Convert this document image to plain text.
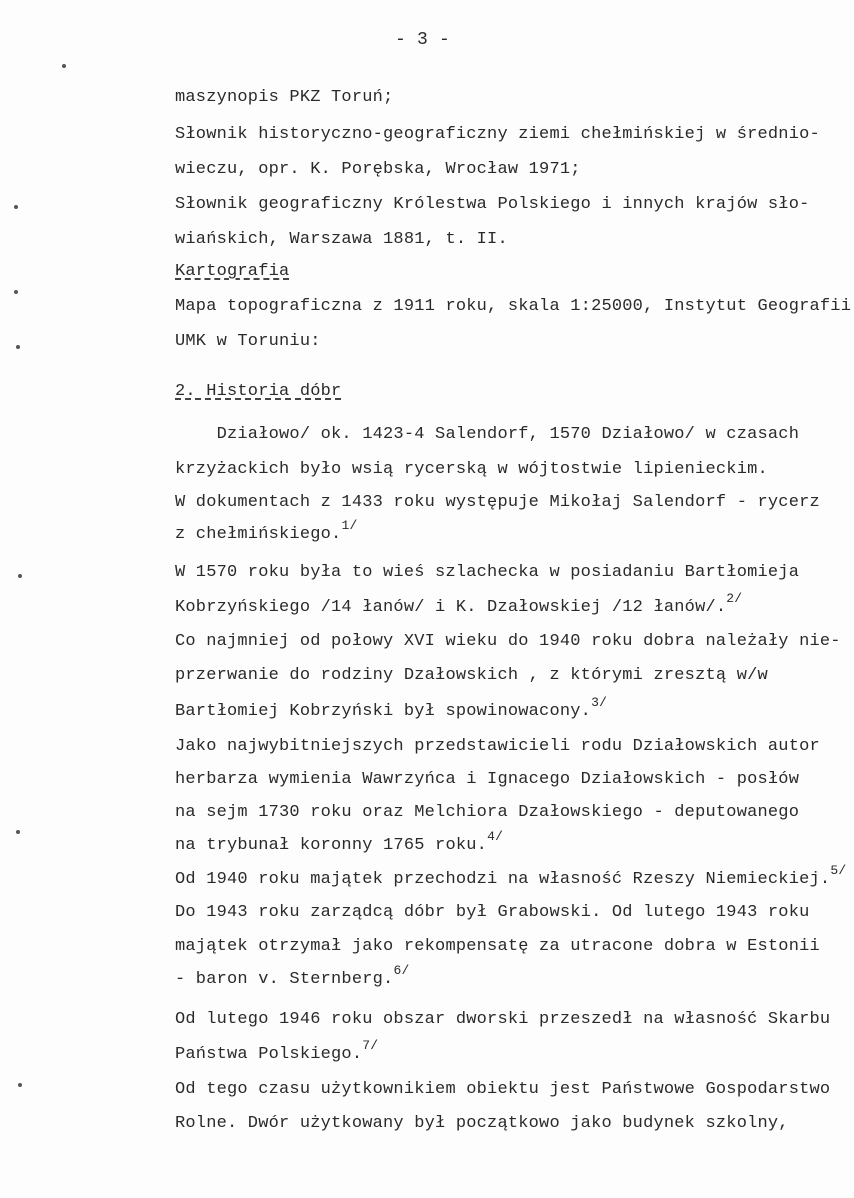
- 3 -
maszynopis PKZ Toruń;
Słownik historyczno-geograficzny ziemi chełmińskiej w średnio-
wieczu, opr. K. Porębska, Wrocław 1971;
Słownik geograficzny Królestwa Polskiego i innych krajów sło-
wiańskich, Warszawa 1881, t. II.
Kartografia
Mapa topograficzna z 1911 roku, skala 1:25000, Instytut Geografii
UMK w Toruniu:
2. Historia dóbr
Działowo/ ok. 1423-4 Salendorf, 1570 Działowo/ w czasach
krzyżackich było wsią rycerską w wójtostwie lipienieckim.
W dokumentach z 1433 roku występuje Mikołaj Salendorf - rycerz
z chełmińskiego.$^{1/}$
W 1570 roku była to wieś szlachecka w posiadaniu Bartłomieja
Kobrzyńskiego /14 łanów/ i K. Dzałowskiej /12 łanów/.$^{2/}$
Co najmniej od połowy XVI wieku do 1940 roku dobra należały nie-
przerwanie do rodziny Dzałowskich , z którymi zresztą w/w
Bartłomiej Kobrzyński był spowinowacony.$^{3/}$
Jako najwybitniejszych przedstawicieli rodu Działowskich autor
herbarza wymienia Wawrzyńca i Ignacego Działowskich - posłów
na sejm 1730 roku oraz Melchiora Dzałowskiego - deputowanego
na trybunał koronny 1765 roku.$^{4/}$
Od 1940 roku majątek przechodzi na własność Rzeszy Niemieckiej.$^{5/}$
Do 1943 roku zarządcą dóbr był Grabowski. Od lutego 1943 roku
majątek otrzymał jako rekompensatę za utracone dobra w Estonii
- baron v. Sternberg.$^{6/}$
Od lutego 1946 roku obszar dworski przeszedł na własność Skarbu
Państwa Polskiego.$^{7/}$
Od tego czasu użytkownikiem obiektu jest Państwowe Gospodarstwo
Rolne. Dwór użytkowany był początkowo jako budynek szkolny,
